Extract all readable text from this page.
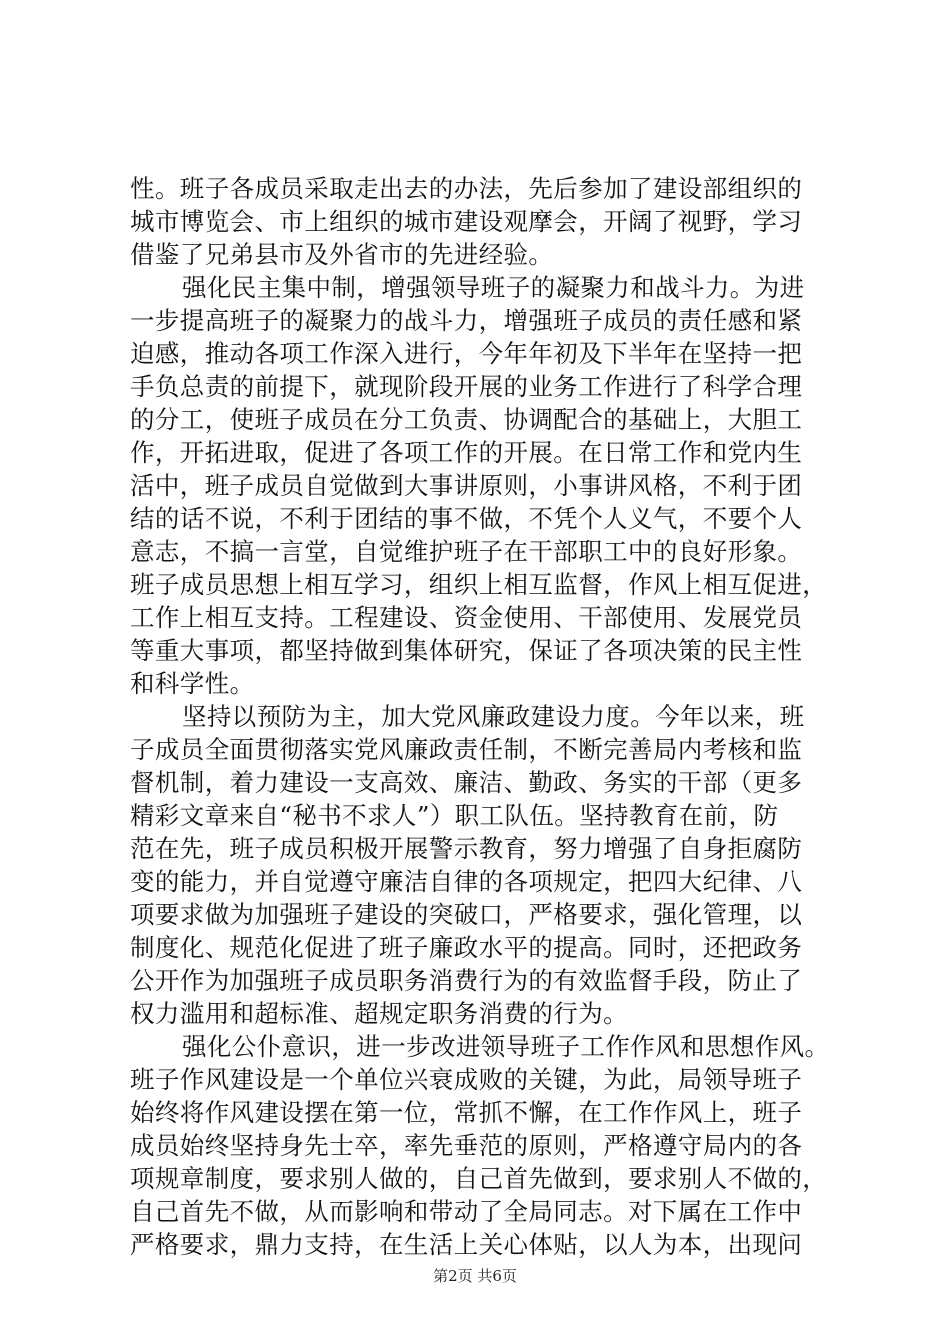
性。班子各成员采取走出去的办法，先后参加了建设部组织的
城市博览会、市上组织的城市建设观摩会，开阔了视野，学习
借鉴了兄弟县市及外省市的先进经验。
强化民主集中制，增强领导班子的凝聚力和战斗力。为进
一步提高班子的凝聚力的战斗力，增强班子成员的责任感和紧
迫感，推动各项工作深入进行，今年年初及下半年在坚持一把
手负总责的前提下，就现阶段开展的业务工作进行了科学合理
的分工，使班子成员在分工负责、协调配合的基础上，大胆工
作，开拓进取，促进了各项工作的开展。在日常工作和党内生
活中，班子成员自觉做到大事讲原则，小事讲风格，不利于团
结的话不说，不利于团结的事不做，不凭个人义气，不要个人
意志，不搞一言堂，自觉维护班子在干部职工中的良好形象。
班子成员思想上相互学习，组织上相互监督，作风上相互促进，
工作上相互支持。工程建设、资金使用、干部使用、发展党员
等重大事项，都坚持做到集体研究，保证了各项决策的民主性
和科学性。
坚持以预防为主，加大党风廉政建设力度。今年以来，班
子成员全面贯彻落实党风廉政责任制，不断完善局内考核和监
督机制，着力建设一支高效、廉洁、勤政、务实的干部（更多
精彩文章来自“秘书不求人”）职工队伍。坚持教育在前，防
范在先，班子成员积极开展警示教育，努力增强了自身拒腐防
变的能力，并自觉遵守廉洁自律的各项规定，把四大纪律、八
项要求做为加强班子建设的突破口，严格要求，强化管理，以
制度化、规范化促进了班子廉政水平的提高。同时，还把政务
公开作为加强班子成员职务消费行为的有效监督手段，防止了
权力滥用和超标准、超规定职务消费的行为。
强化公仆意识，进一步改进领导班子工作作风和思想作风。
班子作风建设是一个单位兴衰成败的关键，为此，局领导班子
始终将作风建设摆在第一位，常抓不懈，在工作作风上，班子
成员始终坚持身先士卒，率先垂范的原则，严格遵守局内的各
项规章制度，要求别人做的，自己首先做到，要求别人不做的，
自己首先不做，从而影响和带动了全局同志。对下属在工作中
严格要求，鼎力支持，在生活上关心体贴，以人为本，出现问
第2页 共6页
